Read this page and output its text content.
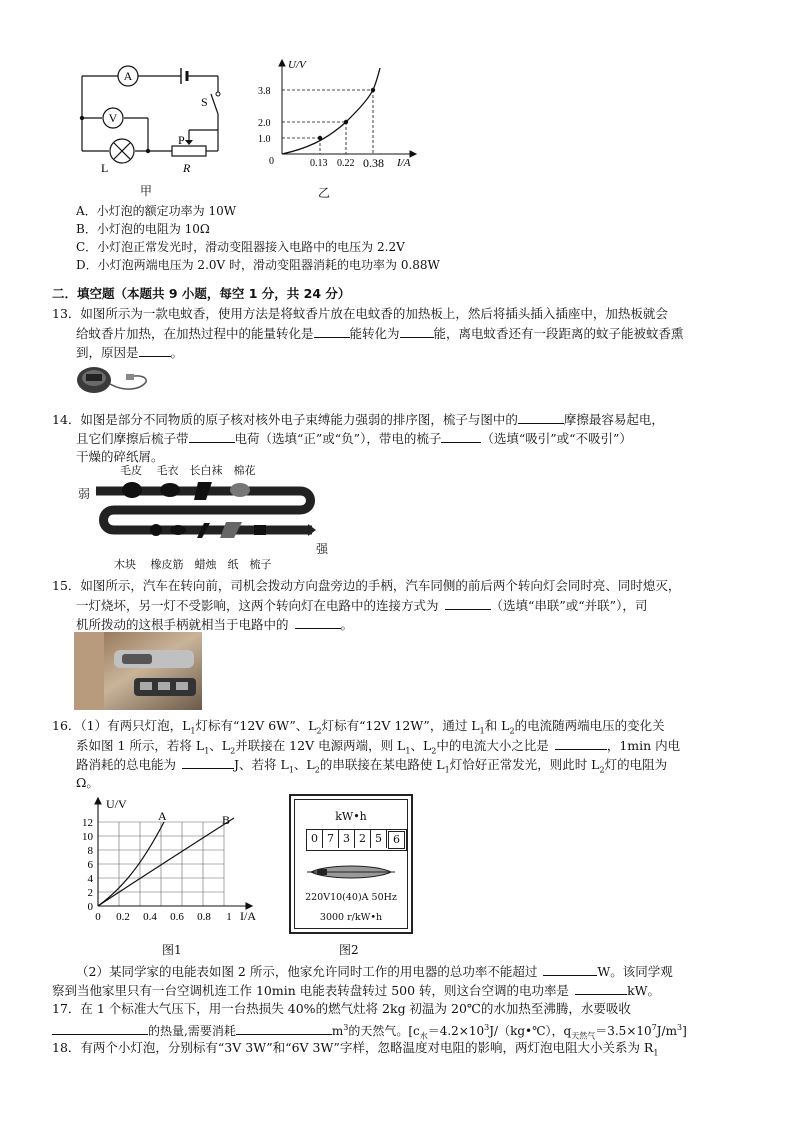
A
V
S
P
L	R
甲
U/V
I/A
0
3.8
2.0
1.0
0.13 0.22 0.38
乙
A．小灯泡的额定功率为 10W
B．小灯泡的电阻为 10Ω
C．小灯泡正常发光时，滑动变阻器接入电路中的电压为 2.2V
D．小灯泡两端电压为 2.0V 时，滑动变阻器消耗的电功率为 0.88W
二．填空题（本题共 9 小题，每空 1 分，共 24 分）
13．如图所示为一款电蚊香，使用方法是将蚊香片放在电蚊香的加热板上，然后将插头插入插座中，加热板就会
给蚊香片加热，在加热过程中的能量转化是	能转化为	能，离电蚊香还有一段距离的蚊子能被蚊香熏
到，原因是	。
14．如图是部分不同物质的原子核对核外电子束缚能力强弱的排序图，梳子与图中的	摩擦最容易起电，
且它们摩擦后梳子带	电荷（选填“正”或“负”），带电的梳子	（选填“吸引”或“不吸引”）
干燥的碎纸屑。
毛皮　 毛衣　长白袜　棉花
弱
强
木块　 橡皮筋　蜡烛　纸　梳子
15．如图所示，汽车在转向前，司机会拨动方向盘旁边的手柄，汽车同侧的前后两个转向灯会同时亮、同时熄灭，
一灯烧坏，另一灯不受影响，这两个转向灯在电路中的连接方式为	（选填“串联”或“并联”），司
机所拨动的这根手柄就相当于电路中的	。
16．（1）有两只灯泡，$L_1$灯标有“12V 6W”、$L_2$灯标有“12V 12W”，通过 $L_1$和 $L_2$的电流随两端电压的变化关
系如图 1 所示，若将 $L_1$、$L_2$并联接在 12V 电源两端，则 $L_1$、$L_2$中的电流大小之比是	，1min 内电
路消耗的总电能为	J、若将 $L_1$、$L_2$的串联接在某电路使 $L_1$灯恰好正常发光，则此时 $L_2$灯的电阻为
Ω。
U/V
I/A
A	B
12
10
8
6
4
2
0
0 0.2 0.4 0.6 0.8 1
图1
kW•h
0 7 3 2 5	6
220V10(40)A 50Hz
3000 r/kW•h
图2
（2）某同学家的电能表如图 2 所示，他家允许同时工作的用电器的总功率不能超过	W。该同学观
察到当他家里只有一台空调机连工作 10min 电能表转盘转过 500 转，则这台空调的电功率是	kW。
17．在 1 个标准大气压下，用一台热损失 40%的燃气灶将 2kg 初温为 20℃的水加热至沸腾，水要吸收
的热量,需要消耗	$m^3$的天然气。[$c_水=4.2\times 10^3J/(kg•℃)$，$q_{天然气}=3.5\times 10^7J/m^3$]
18．有两个小灯泡，分别标有“3V 3W”和“6V 3W”字样，忽略温度对电阻的影响，两灯泡电阻大小关系为 $R_1$
